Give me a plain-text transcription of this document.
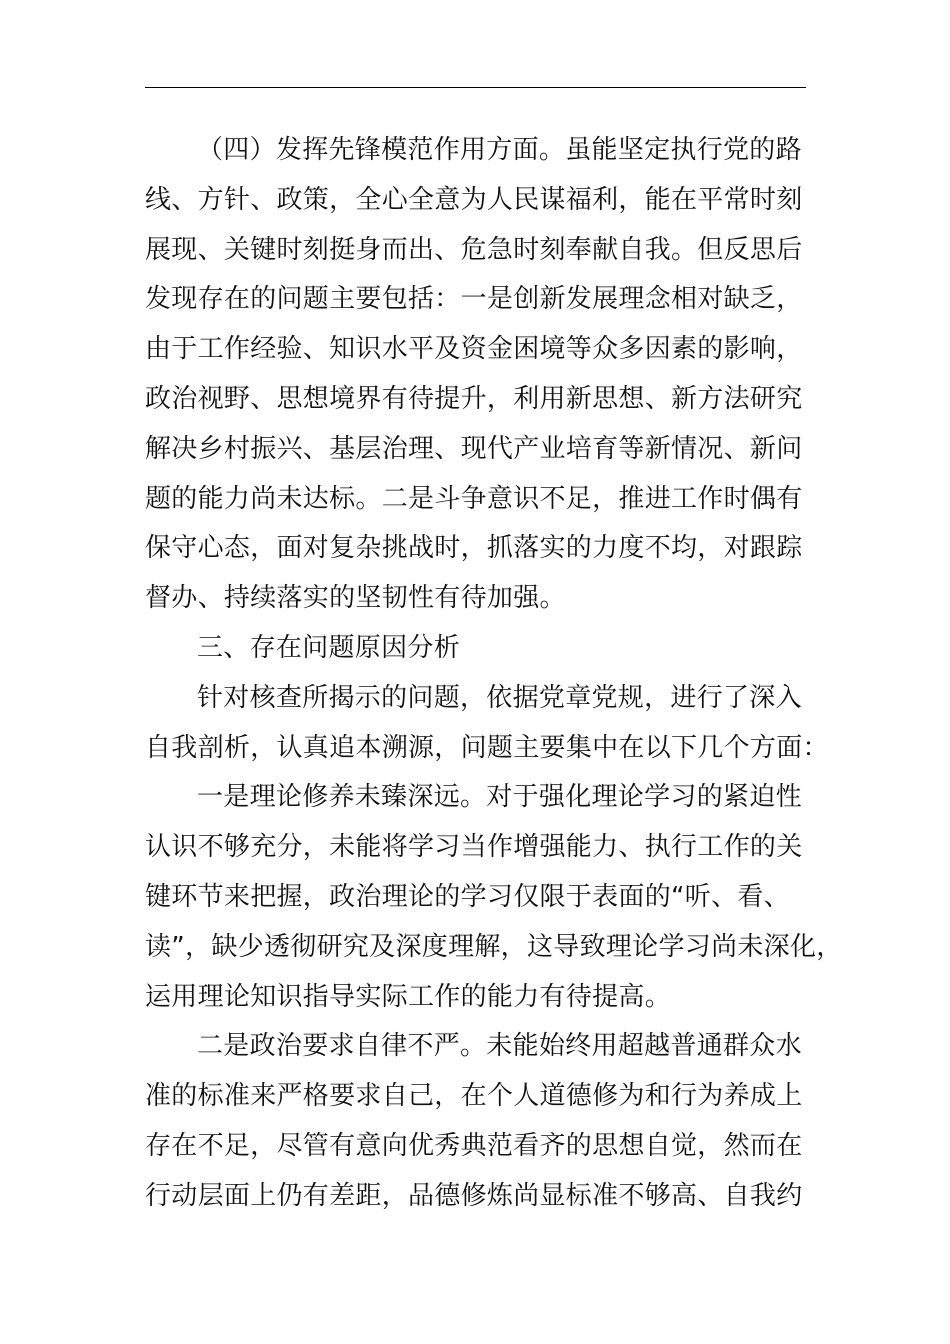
（四）发挥先锋模范作用方面。虽能坚定执行党的路
线、方针、政策，全心全意为人民谋福利，能在平常时刻
展现、关键时刻挺身而出、危急时刻奉献自我。但反思后
发现存在的问题主要包括：一是创新发展理念相对缺乏，
由于工作经验、知识水平及资金困境等众多因素的影响，
政治视野、思想境界有待提升，利用新思想、新方法研究
解决乡村振兴、基层治理、现代产业培育等新情况、新问
题的能力尚未达标。二是斗争意识不足，推进工作时偶有
保守心态，面对复杂挑战时，抓落实的力度不均，对跟踪
督办、持续落实的坚韧性有待加强。
三、存在问题原因分析
针对核查所揭示的问题，依据党章党规，进行了深入
自我剖析，认真追本溯源，问题主要集中在以下几个方面：
一是理论修养未臻深远。对于强化理论学习的紧迫性
认识不够充分，未能将学习当作增强能力、执行工作的关
键环节来把握，政治理论的学习仅限于表面的“听、看、
读”，缺少透彻研究及深度理解，这导致理论学习尚未深化，
运用理论知识指导实际工作的能力有待提高。
二是政治要求自律不严。未能始终用超越普通群众水
准的标准来严格要求自己，在个人道德修为和行为养成上
存在不足，尽管有意向优秀典范看齐的思想自觉，然而在
行动层面上仍有差距，品德修炼尚显标准不够高、自我约
